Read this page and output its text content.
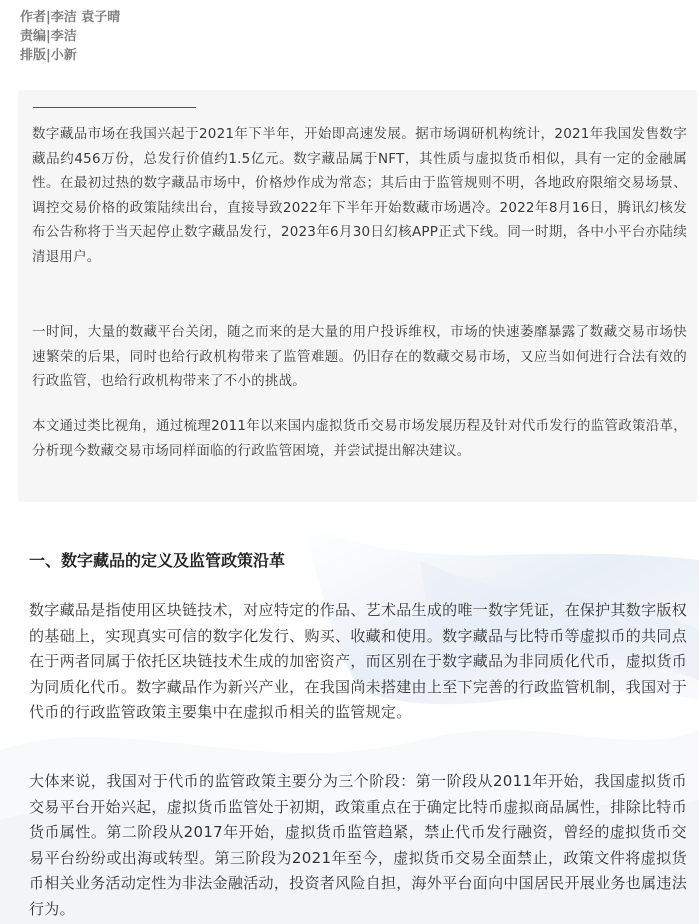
作者|李洁 袁子晴
责编|李洁
排版|小新
数字藏品市场在我国兴起于2021年下半年，开始即高速发展。据市场调研机构统计，2021年我国发售数字藏品约456万份，总发行价值约1.5亿元。数字藏品属于NFT，其性质与虚拟货币相似，具有一定的金融属性。在最初过热的数字藏品市场中，价格炒作成为常态；其后由于监管规则不明，各地政府限缩交易场景、调控交易价格的政策陆续出台，直接导致2022年下半年开始数藏市场遇冷。2022年8月16日，腾讯幻核发布公告称将于当天起停止数字藏品发行，2023年6月30日幻核APP正式下线。同一时期，各中小平台亦陆续清退用户。
一时间，大量的数藏平台关闭，随之而来的是大量的用户投诉维权，市场的快速萎靡暴露了数藏交易市场快速繁荣的后果，同时也给行政机构带来了监管难题。仍旧存在的数藏交易市场，又应当如何进行合法有效的行政监管，也给行政机构带来了不小的挑战。
本文通过类比视角，通过梳理2011年以来国内虚拟货币交易市场发展历程及针对代币发行的监管政策沿革，分析现今数藏交易市场同样面临的行政监管困境，并尝试提出解决建议。
一、数字藏品的定义及监管政策沿革
数字藏品是指使用区块链技术，对应特定的作品、艺术品生成的唯一数字凭证，在保护其数字版权的基础上，实现真实可信的数字化发行、购买、收藏和使用。数字藏品与比特币等虚拟币的共同点在于两者同属于依托区块链技术生成的加密资产，而区别在于数字藏品为非同质化代币，虚拟货币为同质化代币。数字藏品作为新兴产业，在我国尚未搭建由上至下完善的行政监管机制，我国对于代币的行政监管政策主要集中在虚拟币相关的监管规定。
大体来说，我国对于代币的监管政策主要分为三个阶段：第一阶段从2011年开始，我国虚拟货币交易平台开始兴起，虚拟货币监管处于初期，政策重点在于确定比特币虚拟商品属性，排除比特币货币属性。第二阶段从2017年开始，虚拟货币监管趋紧，禁止代币发行融资，曾经的虚拟货币交易平台纷纷或出海或转型。第三阶段为2021年至今，虚拟货币交易全面禁止，政策文件将虚拟货币相关业务活动定性为非法金融活动，投资者风险自担，海外平台面向中国居民开展业务也属违法行为。
